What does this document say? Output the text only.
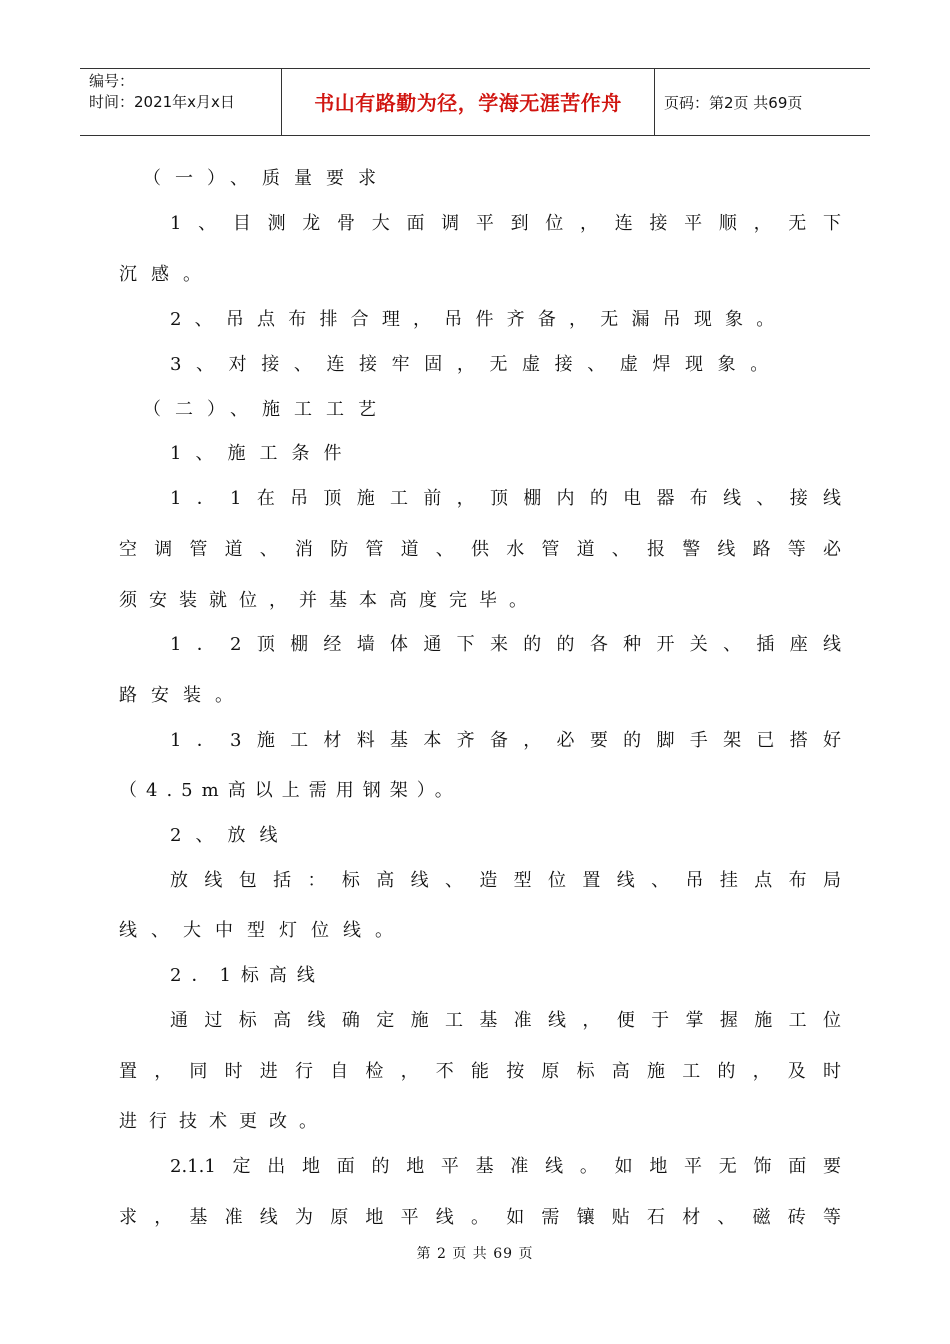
编号：
时间：2021年x月x日	书山有路勤为径，学海无涯苦作舟	页码：第2页 共69页
（一）、质量要求
1、目测龙骨大面调平到位，连接平顺，无下
沉感。
2、吊点布排合理，吊件齐备，无漏吊现象。
3、对接、连接牢固，无虚接、虚焊现象。
（二）、施工工艺
1、施工条件
1．1在吊顶施工前，顶棚内的电器布线、接线
空调管道、消防管道、供水管道、报警线路等必
须安装就位，并基本高度完毕。
1．2顶棚经墙体通下来的的各种开关、插座线
路安装。
1．3施工材料基本齐备，必要的脚手架已搭好
（4.5m高以上需用钢架）。
2、放线
放线包括：标高线、造型位置线、吊挂点布局
线、大中型灯位线。
2．1标高线
通过标高线确定施工基准线，便于掌握施工位
置，同时进行自检，不能按原标高施工的，及时
进行技术更改。
2.1.1定出地面的地平基准线。如地平无饰面要
求，基准线为原地平线。如需镶贴石材、磁砖等
第 2 页 共 69 页
